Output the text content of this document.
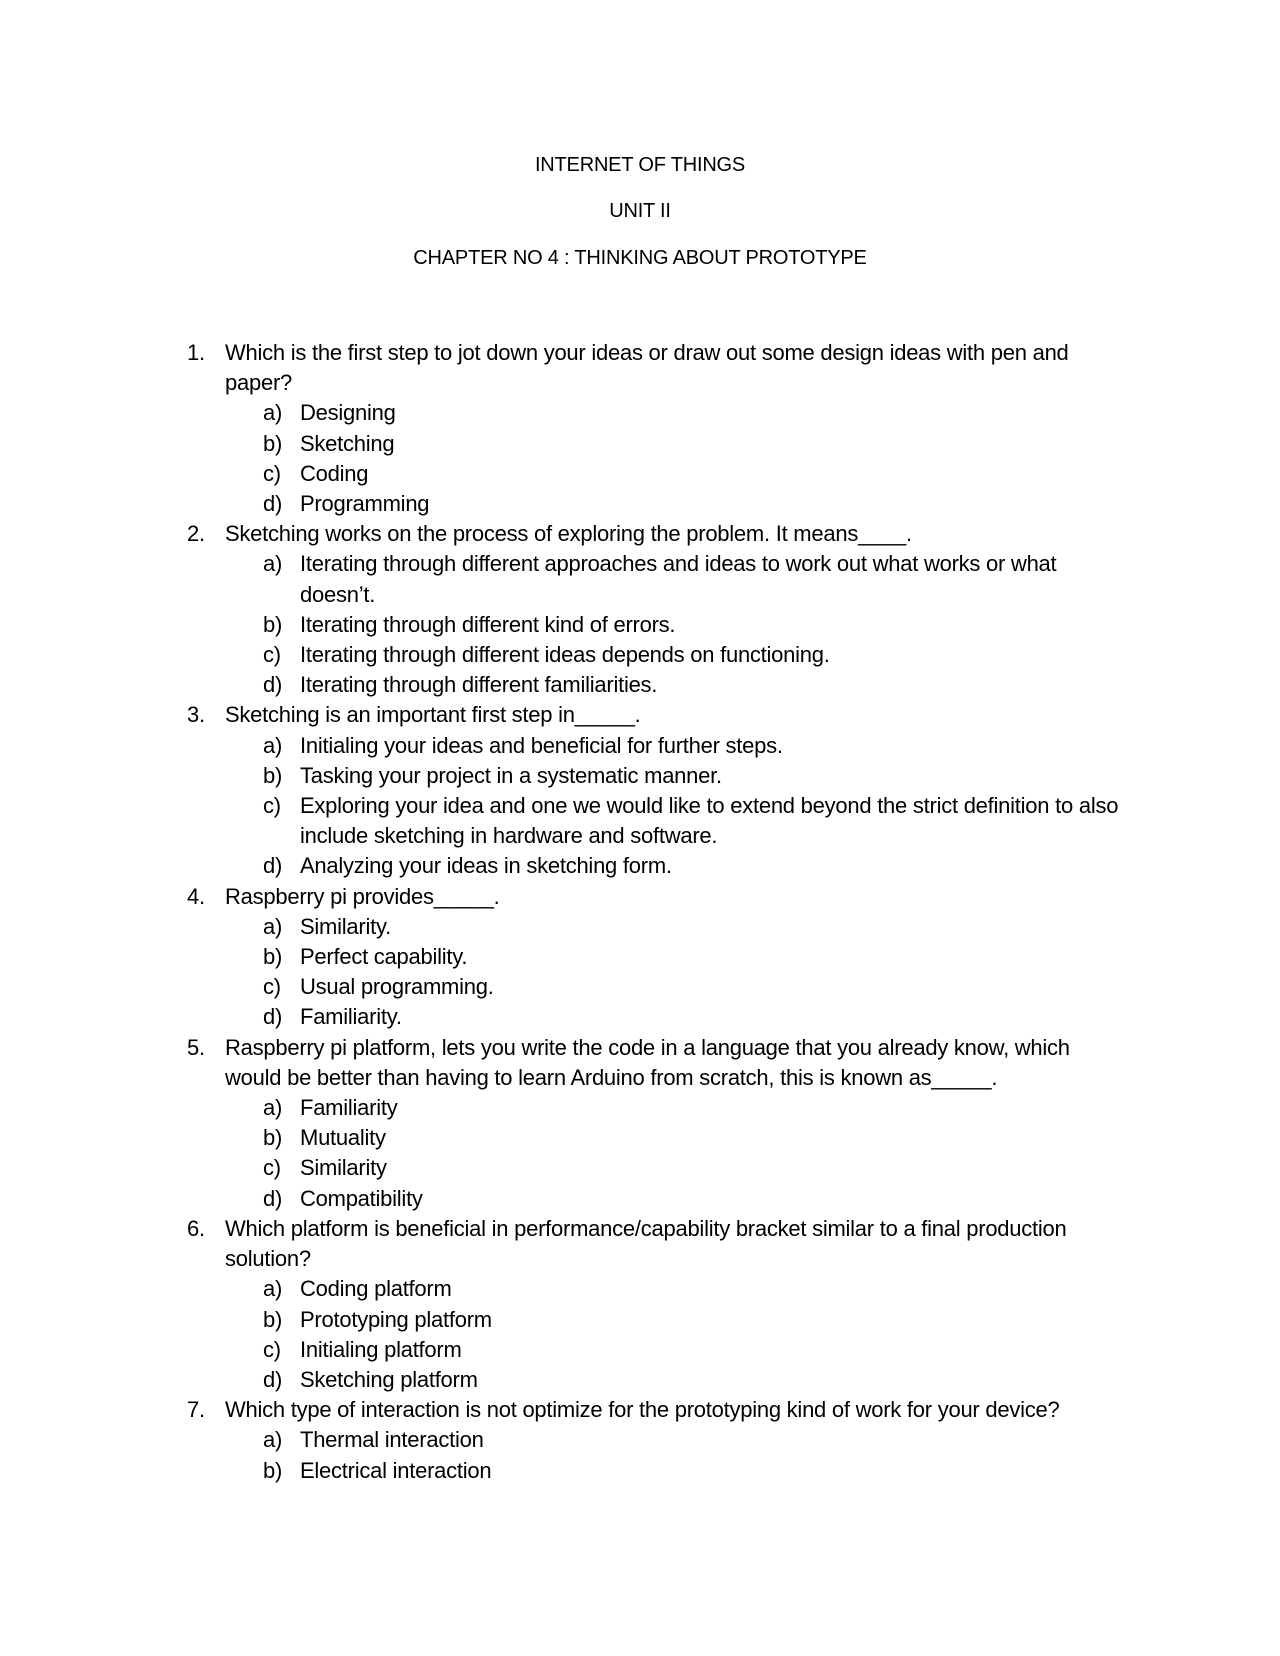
INTERNET OF THINGS
UNIT II
CHAPTER NO 4 : THINKING ABOUT PROTOTYPE
1. Which is the first step to jot down your ideas or draw out some design ideas with pen and paper?
a) Designing
b) Sketching
c) Coding
d) Programming
2. Sketching works on the process of exploring the problem. It means____.
a) Iterating through different approaches and ideas to work out what works or what doesn’t.
b) Iterating through different kind of errors.
c) Iterating through different ideas depends on functioning.
d) Iterating through different familiarities.
3. Sketching is an important first step in_____.
a) Initialing your ideas and beneficial for further steps.
b) Tasking your project in a systematic manner.
c) Exploring your idea and one we would like to extend beyond the strict definition to also include sketching in hardware and software.
d) Analyzing your ideas in sketching form.
4. Raspberry pi provides_____.
a) Similarity.
b) Perfect capability.
c) Usual programming.
d) Familiarity.
5. Raspberry pi platform, lets you write the code in a language that you already know, which would be better than having to learn Arduino from scratch, this is known as_____.
a) Familiarity
b) Mutuality
c) Similarity
d) Compatibility
6. Which platform is beneficial in performance/capability bracket similar to a final production solution?
a) Coding platform
b) Prototyping platform
c) Initialing platform
d) Sketching platform
7. Which type of interaction is not optimize for the prototyping kind of work for your device?
a) Thermal interaction
b) Electrical interaction
